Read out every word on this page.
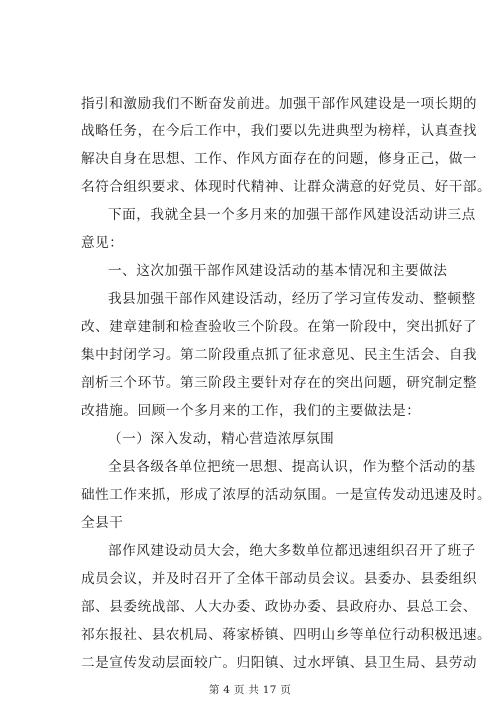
指引和激励我们不断奋发前进。加强干部作风建设是一项长期的
战略任务，在今后工作中，我们要以先进典型为榜样，认真查找
解决自身在思想、工作、作风方面存在的问题，修身正己，做一
名符合组织要求、体现时代精神、让群众满意的好党员、好干部。
下面，我就全县一个多月来的加强干部作风建设活动讲三点
意见：
一、这次加强干部作风建设活动的基本情况和主要做法
我县加强干部作风建设活动，经历了学习宣传发动、整顿整
改、建章建制和检查验收三个阶段。在第一阶段中，突出抓好了
集中封闭学习。第二阶段重点抓了征求意见、民主生活会、自我
剖析三个环节。第三阶段主要针对存在的突出问题，研究制定整
改措施。回顾一个多月来的工作，我们的主要做法是：
（一）深入发动，精心营造浓厚氛围
全县各级各单位把统一思想、提高认识，作为整个活动的基
础性工作来抓，形成了浓厚的活动氛围。一是宣传发动迅速及时。
全县干
部作风建设动员大会，绝大多数单位都迅速组织召开了班子
成员会议，并及时召开了全体干部动员会议。县委办、县委组织
部、县委统战部、人大办委、政协办委、县政府办、县总工会、
祁东报社、县农机局、蒋家桥镇、四明山乡等单位行动积极迅速。
二是宣传发动层面较广。归阳镇、过水坪镇、县卫生局、县劳动
第 4 页 共 17 页
